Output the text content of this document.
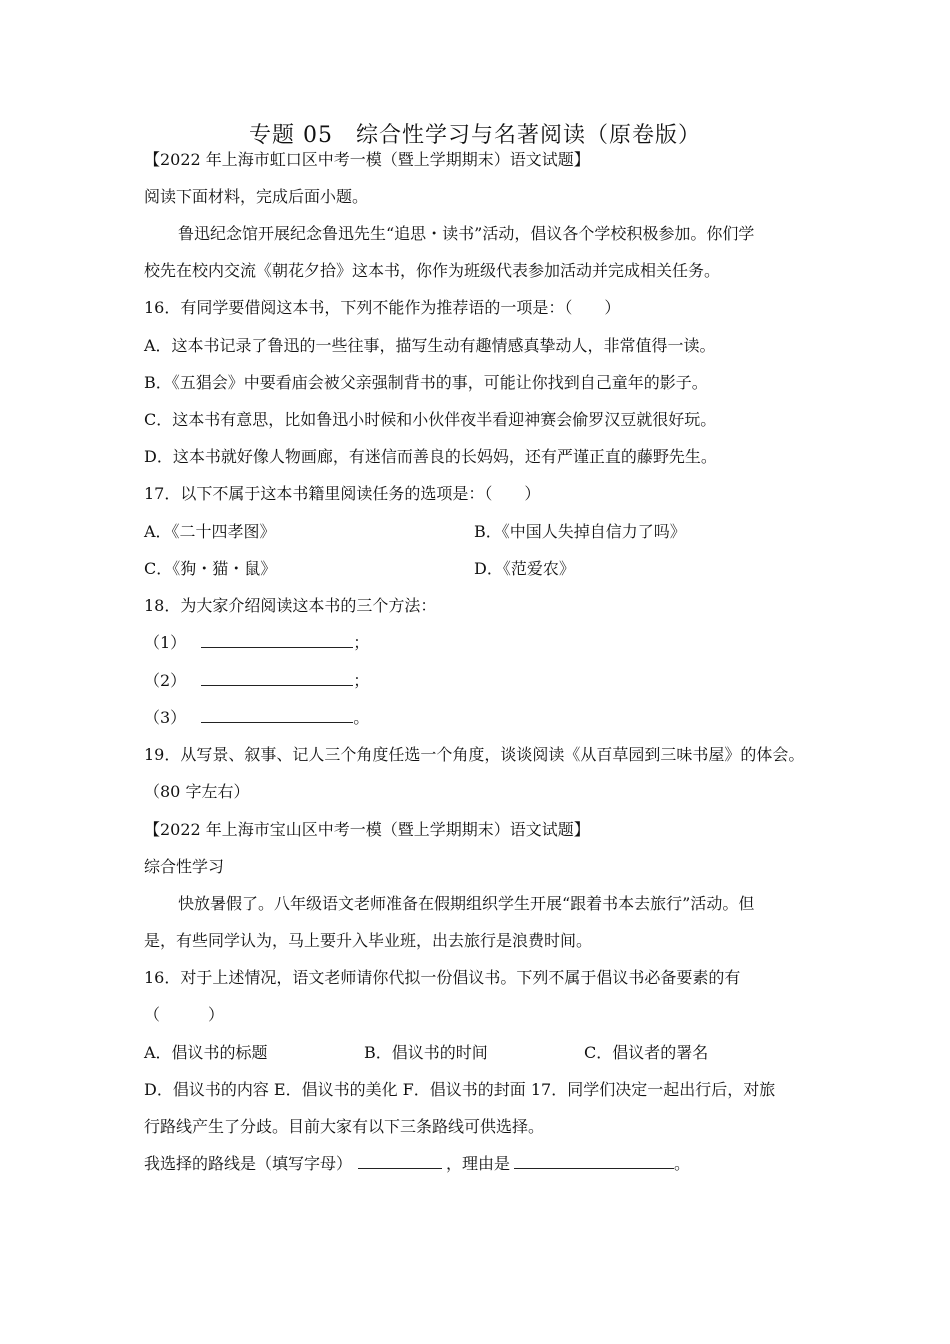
专题 05　综合性学习与名著阅读（原卷版）
【2022 年上海市虹口区中考一模（暨上学期期末）语文试题】
阅读下面材料，完成后面小题。
鲁迅纪念馆开展纪念鲁迅先生“追思・读书”活动，倡议各个学校积极参加。你们学
校先在校内交流《朝花夕拾》这本书，你作为班级代表参加活动并完成相关任务。
16．有同学要借阅这本书，下列不能作为推荐语的一项是：（　　）
A．这本书记录了鲁迅的一些往事，描写生动有趣情感真挚动人，非常值得一读。
B．《五猖会》中要看庙会被父亲强制背书的事，可能让你找到自己童年的影子。
C．这本书有意思，比如鲁迅小时候和小伙伴夜半看迎神赛会偷罗汉豆就很好玩。
D．这本书就好像人物画廊，有迷信而善良的长妈妈，还有严谨正直的藤野先生。
17．以下不属于这本书籍里阅读任务的选项是：（　　）
A．《二十四孝图》	B．《中国人失掉自信力了吗》
C．《狗・猫・鼠》	D．《范爱农》
18．为大家介绍阅读这本书的三个方法：
（1）	；
（2）	；
（3）	。
19．从写景、叙事、记人三个角度任选一个角度，谈谈阅读《从百草园到三味书屋》的体会。
（80 字左右）
【2022 年上海市宝山区中考一模（暨上学期期末）语文试题】
综合性学习
快放暑假了。八年级语文老师准备在假期组织学生开展“跟着书本去旅行”活动。但
是，有些同学认为，马上要升入毕业班，出去旅行是浪费时间。
16．对于上述情况，语文老师请你代拟一份倡议书。下列不属于倡议书必备要素的有
（　　　）
A．倡议书的标题	B．倡议书的时间	C．倡议者的署名
D．倡议书的内容 E．倡议书的美化 F．倡议书的封面 17．同学们决定一起出行后，对旅
行路线产生了分歧。目前大家有以下三条路线可供选择。
我选择的路线是（填写字母）	，理由是	。
